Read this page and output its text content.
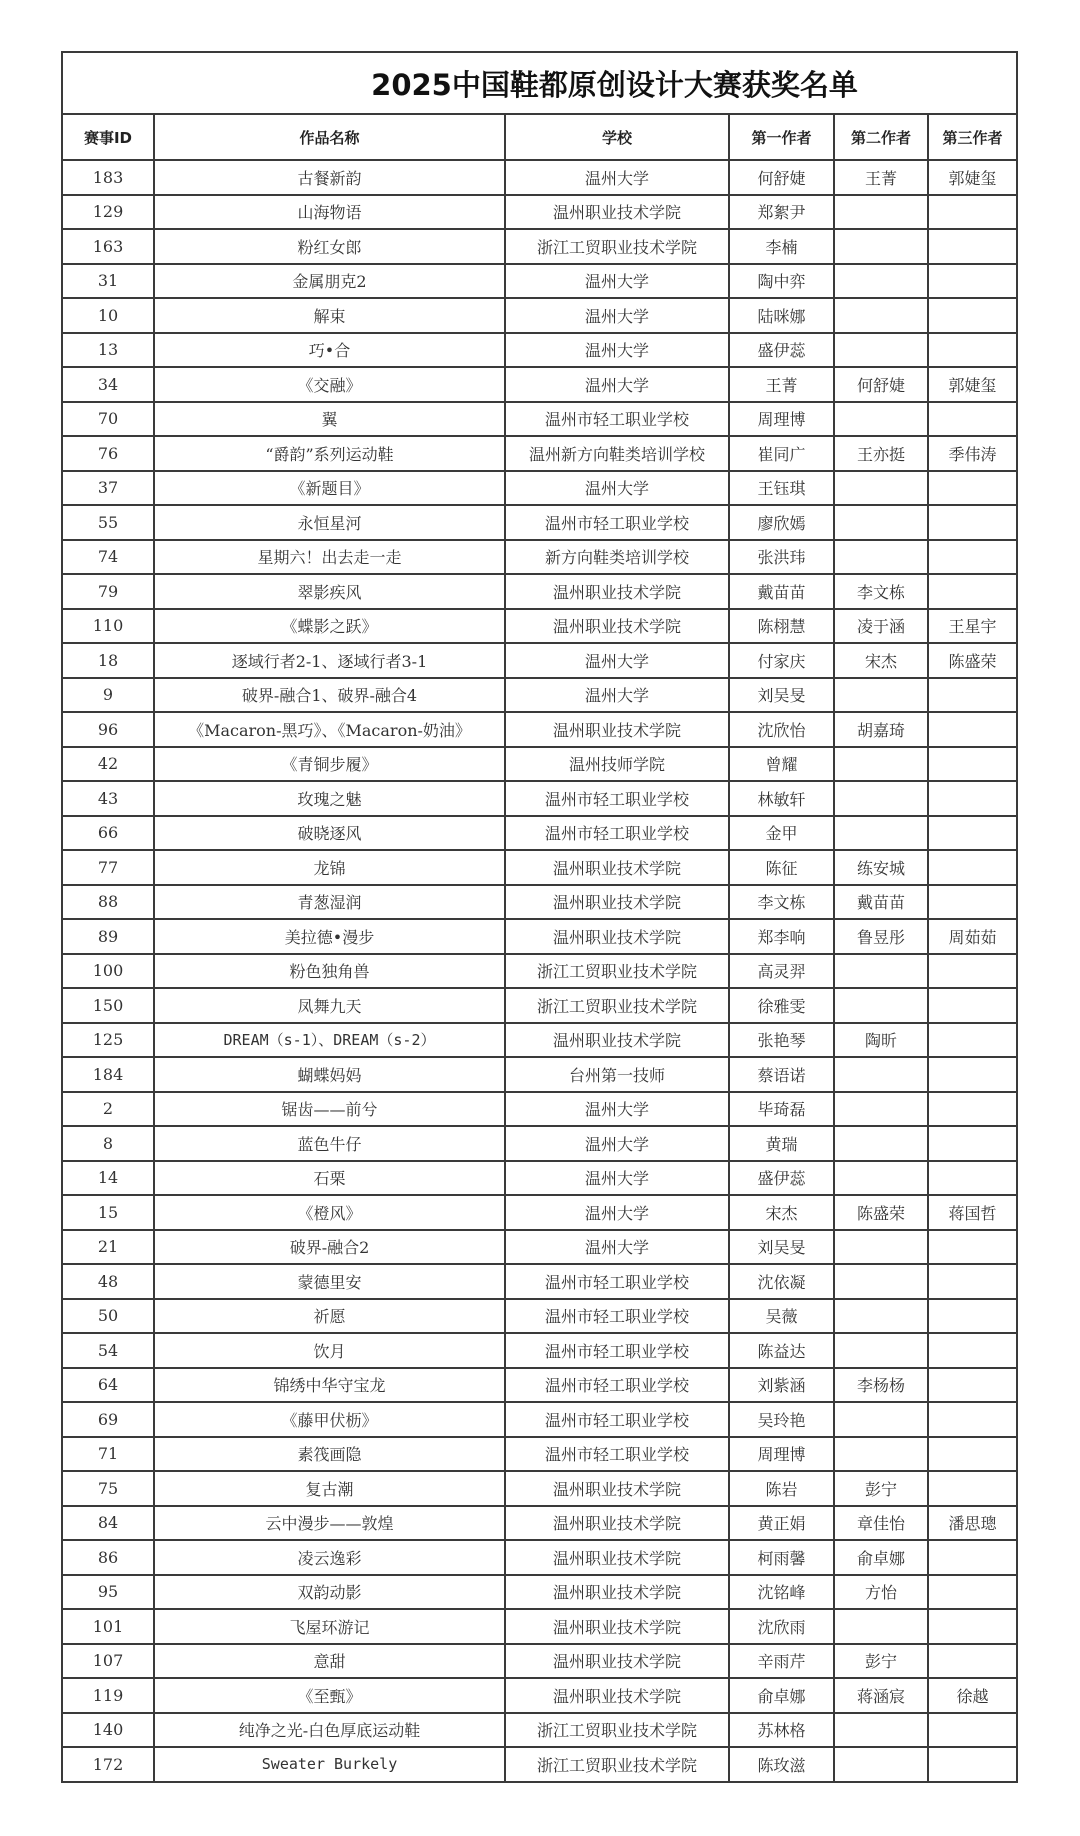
2025中国鞋都原创设计大赛获奖名单					
赛事ID	作品名称	学校	第一作者	第二作者	第三作者
183	古餐新韵	温州大学	何舒婕	王菁	郭婕玺
129	山海物语	温州职业技术学院	郑絮尹		
163	粉红女郎	浙江工贸职业技术学院	李楠		
31	金属朋克2	温州大学	陶中弈		
10	解束	温州大学	陆咪娜		
13	巧•合	温州大学	盛伊蕊		
34	《交融》	温州大学	王菁	何舒婕	郭婕玺
70	翼	温州市轻工职业学校	周理博		
76	“爵韵”系列运动鞋	温州新方向鞋类培训学校	崔同广	王亦挺	季伟涛
37	《新题目》	温州大学	王钰琪		
55	永恒星河	温州市轻工职业学校	廖欣嫣		
74	星期六！出去走一走	新方向鞋类培训学校	张洪玮		
79	翠影疾风	温州职业技术学院	戴苗苗	李文栋	
110	《蝶影之跃》	温州职业技术学院	陈栩慧	凌于涵	王星宇
18	逐域行者2-1、逐域行者3-1	温州大学	付家庆	宋杰	陈盛荣
9	破界-融合1、破界-融合4	温州大学	刘吴旻		
96	《Macaron-黑巧》、《Macaron-奶油》	温州职业技术学院	沈欣怡	胡嘉琦	
42	《青铜步履》	温州技师学院	曾耀		
43	玫瑰之魅	温州市轻工职业学校	林敏轩		
66	破晓逐风	温州市轻工职业学校	金甲		
77	龙锦	温州职业技术学院	陈征	练安城	
88	青葱湿润	温州职业技术学院	李文栋	戴苗苗	
89	美拉德•漫步	温州职业技术学院	郑李响	鲁昱彤	周茹茹
100	粉色独角兽	浙江工贸职业技术学院	高灵羿		
150	凤舞九天	浙江工贸职业技术学院	徐雅雯		
125	DREAM（s-1）、DREAM（s-2）	温州职业技术学院	张艳琴	陶昕	
184	蝴蝶妈妈	台州第一技师	蔡语诺		
2	锯齿——前兮	温州大学	毕琦磊		
8	蓝色牛仔	温州大学	黄瑞		
14	石栗	温州大学	盛伊蕊		
15	《橙风》	温州大学	宋杰	陈盛荣	蒋国哲
21	破界-融合2	温州大学	刘吴旻		
48	蒙德里安	温州市轻工职业学校	沈依凝		
50	祈愿	温州市轻工职业学校	吴薇		
54	饮月	温州市轻工职业学校	陈益达		
64	锦绣中华守宝龙	温州市轻工职业学校	刘紫涵	李杨杨	
69	《藤甲伏枥》	温州市轻工职业学校	吴玲艳		
71	素筏画隐	温州市轻工职业学校	周理博		
75	复古潮	温州职业技术学院	陈岩	彭宁	
84	云中漫步——敦煌	温州职业技术学院	黄正娟	章佳怡	潘思璁
86	凌云逸彩	温州职业技术学院	柯雨馨	俞卓娜	
95	双韵动影	温州职业技术学院	沈铭峰	方怡	
101	飞屋环游记	温州职业技术学院	沈欣雨		
107	意甜	温州职业技术学院	辛雨芹	彭宁	
119	《至甄》	温州职业技术学院	俞卓娜	蒋涵宸	徐越
140	纯净之光-白色厚底运动鞋	浙江工贸职业技术学院	苏林格		
172	Sweater Burkely	浙江工贸职业技术学院	陈玫滋		
